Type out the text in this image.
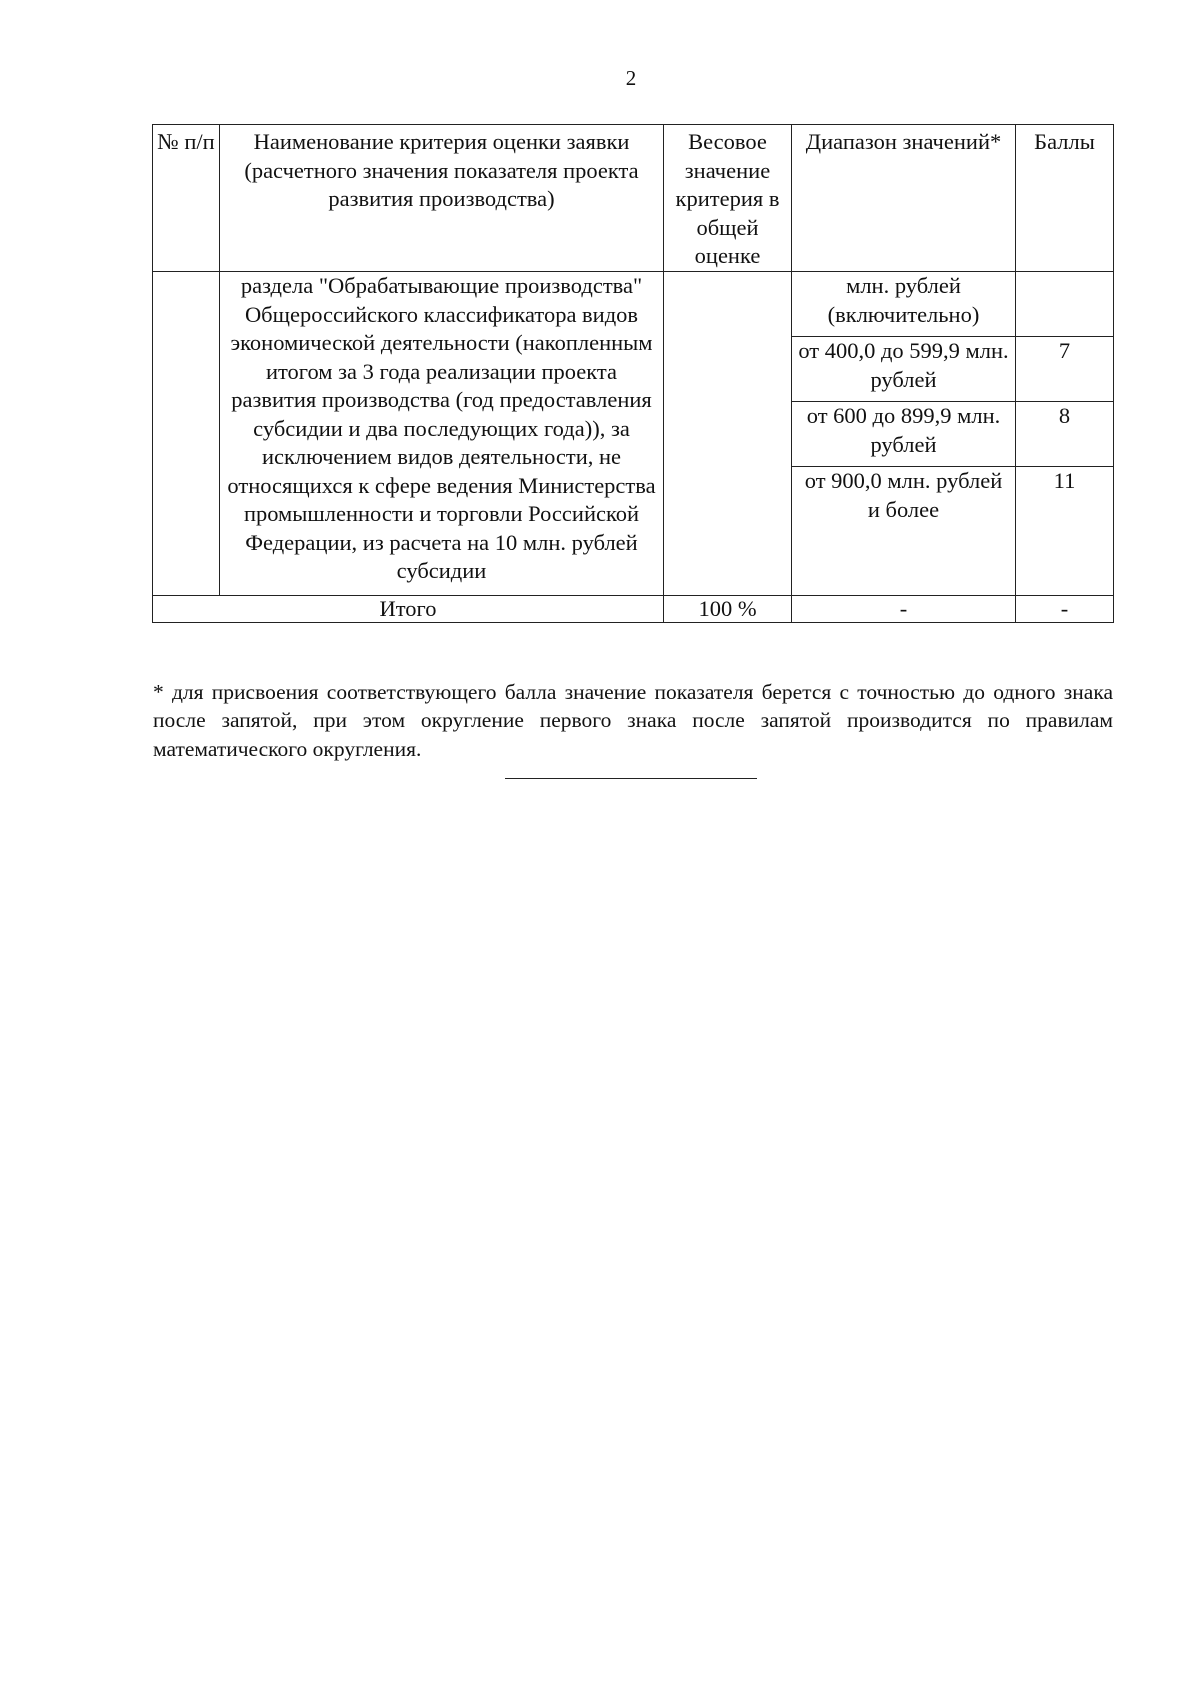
2
№ п/п	Наименование критерия оценки заявки (расчетного значения показателя проекта развития производства)	Весовое значение критерия в общей оценке	Диапазон значений*	Баллы
	раздела "Обрабатывающие производства" Общероссийского классификатора видов экономической деятельности (накопленным итогом за 3 года реализации проекта развития производства (год предоставления субсидии и два последующих года)), за исключением видов деятельности, не относящихся к сфере ведения Министерства промышленности и торговли Российской Федерации, из расчета на 10 млн. рублей субсидии		млн. рублей (включительно)	
			от 400,0 до 599,9 млн. рублей	7
			от 600 до 899,9 млн. рублей	8
			от 900,0 млн. рублей и более	11
Итого		100 %	-	-

* для присвоения соответствующего балла значение показателя берется с точностью до одного знака после запятой, при этом округление первого знака после запятой производится по правилам математического округления.
